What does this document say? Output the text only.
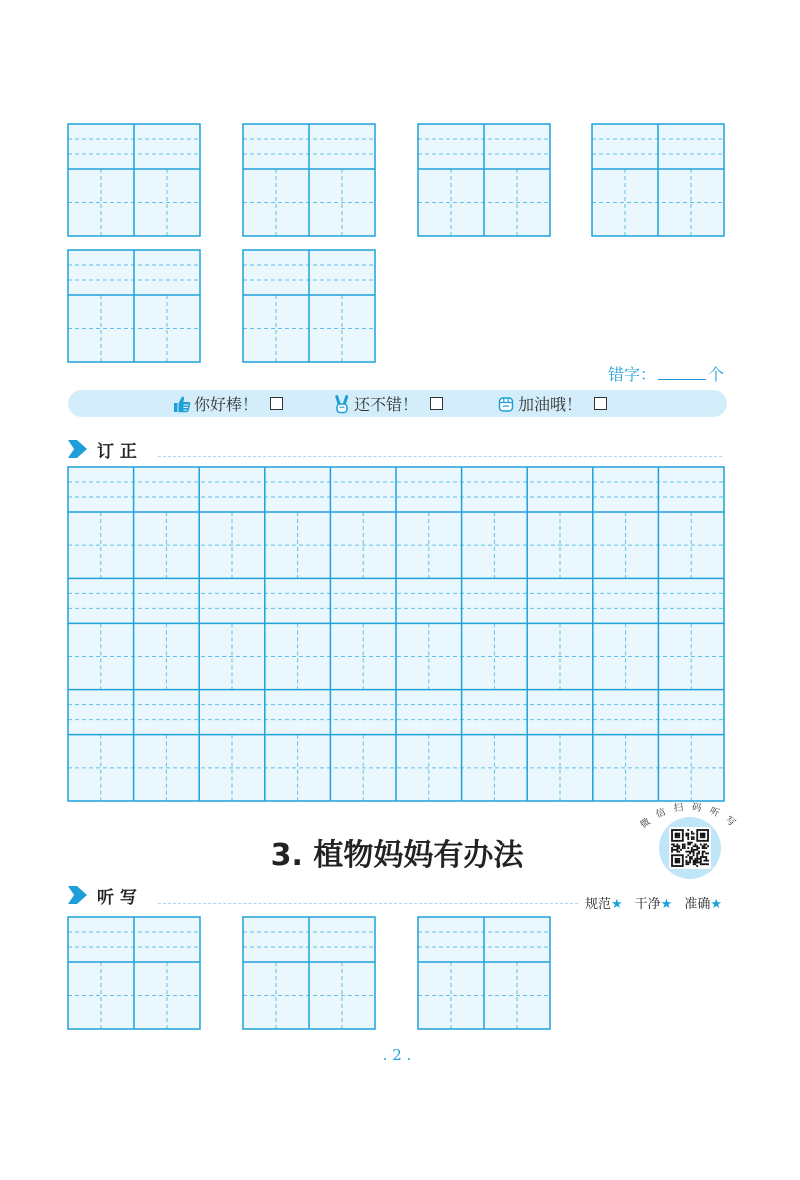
错字：	个
你好棒！	还不错！	加油哦！
订 正
3. 植物妈妈有办法
微信扫码听写
听 写	规范★ 干净★ 准确★
. 2 .
